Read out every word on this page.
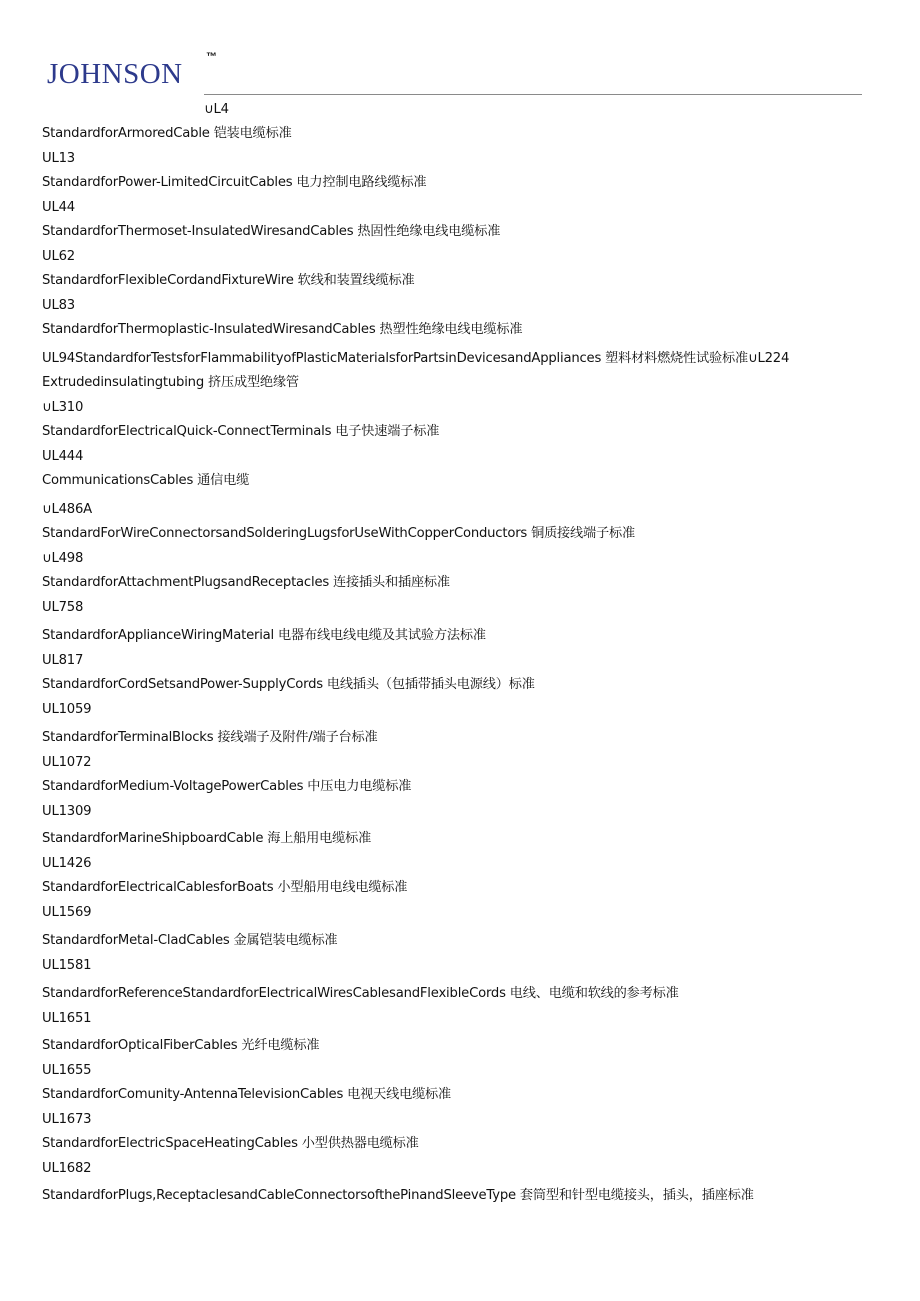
JOHNSON
™
∪L4
StandardforArmoredCable 铠装电缆标准
UL13
StandardforPower-LimitedCircuitCables 电力控制电路线缆标准
UL44
StandardforThermoset-InsulatedWiresandCables 热固性绝缘电线电缆标准
UL62
StandardforFlexibleCordandFixtureWire 软线和装置线缆标准
UL83
StandardforThermoplastic-InsulatedWiresandCables 热塑性绝缘电线电缆标准
UL94StandardforTestsforFlammabilityofPlasticMaterialsforPartsinDevicesandAppliances 塑料材料燃烧性试验标准∪L224
Extrudedinsulatingtubing 挤压成型绝缘管
∪L310
StandardforElectricalQuick-ConnectTerminals 电子快速端子标准
UL444
CommunicationsCables 通信电缆
∪L486A
StandardForWireConnectorsandSolderingLugsforUseWithCopperConductors 铜质接线端子标准
∪L498
StandardforAttachmentPlugsandReceptacles 连接插头和插座标准
UL758
StandardforApplianceWiringMaterial 电器布线电线电缆及其试验方法标准
UL817
StandardforCordSetsandPower-SupplyCords 电线插头（包插带插头电源线）标准
UL1059
StandardforTerminalBlocks 接线端子及附件/端子台标准
UL1072
StandardforMedium-VoltagePowerCables 中压电力电缆标准
UL1309
StandardforMarineShipboardCable 海上船用电缆标准
UL1426
StandardforElectricalCablesforBoats 小型船用电线电缆标准
UL1569
StandardforMetal-CladCables 金属铠装电缆标准
UL1581
StandardforReferenceStandardforElectricalWiresCablesandFlexibleCords 电线、电缆和软线的参考标准
UL1651
StandardforOpticalFiberCables 光纤电缆标准
UL1655
StandardforComunity-AntennaTelevisionCables 电视天线电缆标准
UL1673
StandardforElectricSpaceHeatingCables 小型供热器电缆标准
UL1682
StandardforPlugs,ReceptaclesandCableConnectorsofthePinandSleeveType 套筒型和针型电缆接头，插头，插座标准
